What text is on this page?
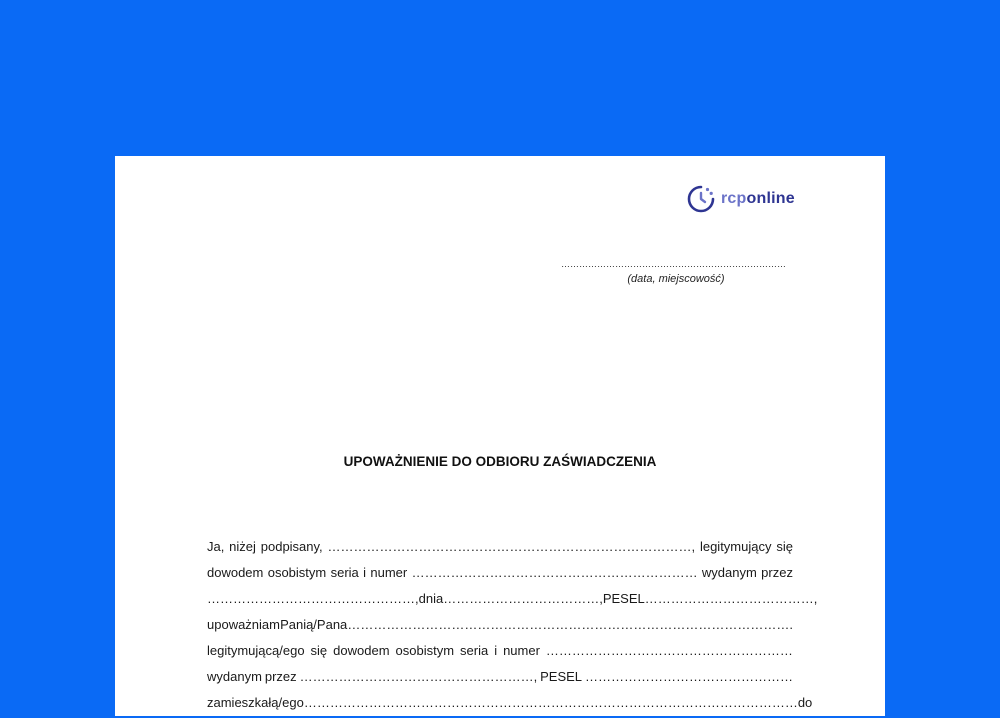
rcponline
…………………………………………………………………
(data, miejscowość)
UPOWAŻNIENIE DO ODBIORU ZAŚWIADCZENIA
Ja, niżej podpisany, …………………………………………………………………………, legitymujący się
dowodem osobistym seria i numer ………………………………………………………… wydanym przez
…………………………………………, dnia ………………………………, PESEL …………………………………,
upoważniam Panią/Pana ………………………………………………………………………………………….
legitymującą/ego się dowodem osobistym seria i numer …………………………………………………
wydanym przez ………………………………………………, PESEL …………………………………………
zamieszkałą/ego …………………………………………………………………………………………………… do
